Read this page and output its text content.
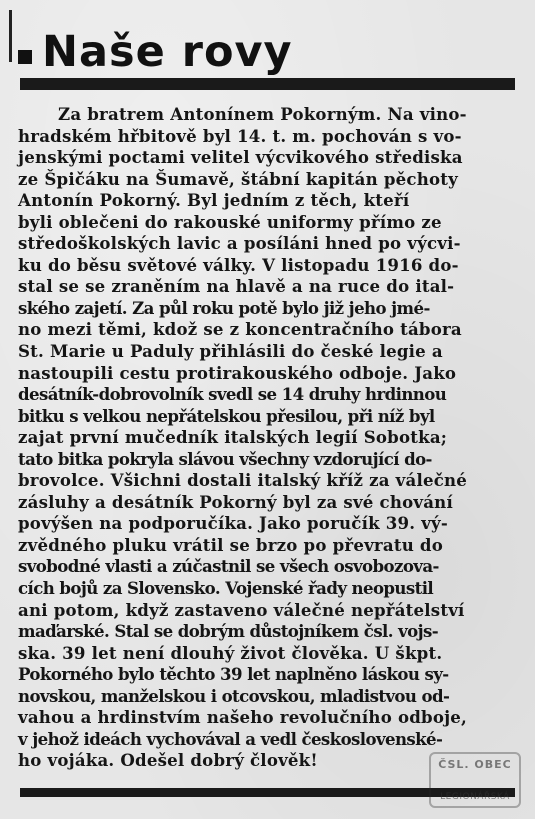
Naše rovy
Za bratrem Antonínem Pokorným. Na vino-
hradském hřbitově byl 14. t. m. pochován s vo-
jenskými poctami velitel výcvikového střediska
ze Špičáku na Šumavě, štábní kapitán pěchoty
Antonín Pokorný. Byl jedním z těch, kteří
byli oblečeni do rakouské uniformy přímo ze
středoškolských lavic a posíláni hned po výcvi-
ku do běsu světové války. V listopadu 1916 do-
stal se se zraněním na hlavě a na ruce do ital-
ského zajetí. Za půl roku potě bylo již jeho jmé-
no mezi těmi, kdož se z koncentračního tábora
St. Marie u Paduly přihlásili do české legie a
nastoupili cestu protirakouského odboje. Jako
desátník-dobrovolník svedl se 14 druhy hrdinnou
bitku s velkou nepřátelskou přesilou, při níž byl
zajat první mučedník italských legií Sobotka;
tato bitka pokryla slávou všechny vzdorující do-
brovolce. Všichni dostali italský kříž za válečné
zásluhy a desátník Pokorný byl za své chování
povýšen na podporučíka. Jako poručík 39. vý-
zvědného pluku vrátil se brzo po převratu do
svobodné vlasti a zúčastnil se všech osvobozova-
cích bojů za Slovensko. Vojenské řady neopustil
ani potom, když zastaveno válečné nepřátelství
maďarské. Stal se dobrým důstojníkem čsl. vojs-
ska. 39 let není dlouhý život člověka. U škpt.
Pokorného bylo těchto 39 let naplněno láskou sy-
novskou, manželskou i otcovskou, mladistvou od-
vahou a hrdinstvím našeho revolučního odboje,
v jehož ideách vychovával a vedl československé-
ho vojáka. Odešel dobrý člověk!	ČSL. OBEC
LEGIONÁŘSKÁ
